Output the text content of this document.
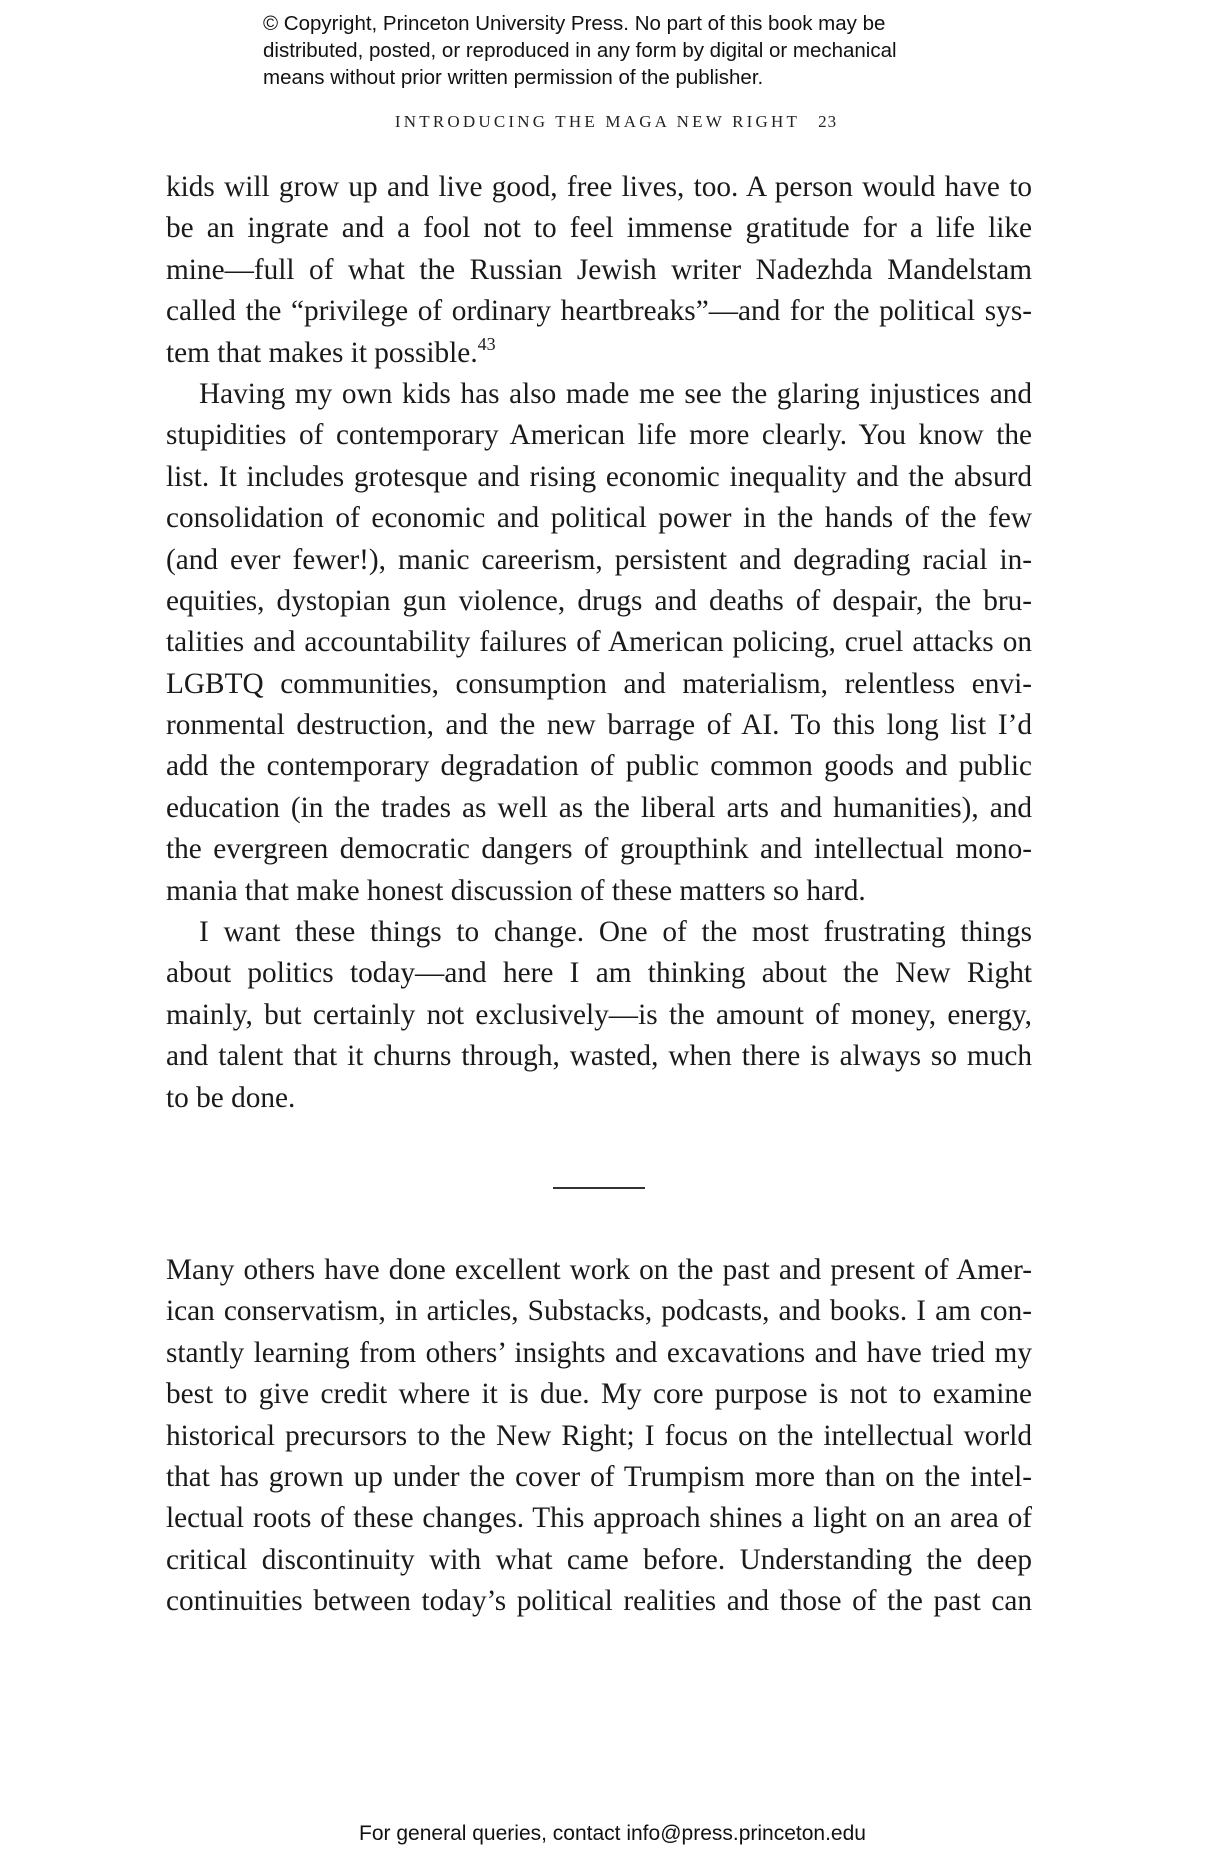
© Copyright, Princeton University Press. No part of this book may be
distributed, posted, or reproduced in any form by digital or mechanical
means without prior written permission of the publisher.
INTRODUCING THE MAGA NEW RIGHT 23
kids will grow up and live good, free lives, too. A person would have to
be an ingrate and a fool not to feel immense gratitude for a life like
mine—full of what the Russian Jewish writer Nadezhda Mandelstam
called the “privilege of ordinary heartbreaks”—and for the political sys-
tem that makes it possible.$^{43}$
Having my own kids has also made me see the glaring injustices and
stupidities of contemporary American life more clearly. You know the
list. It includes grotesque and rising economic inequality and the absurd
consolidation of economic and political power in the hands of the few
(and ever fewer!), manic careerism, persistent and degrading racial in-
equities, dystopian gun violence, drugs and deaths of despair, the bru-
talities and accountability failures of American policing, cruel attacks on
LGBTQ communities, consumption and materialism, relentless envi-
ronmental destruction, and the new barrage of AI. To this long list I’d
add the contemporary degradation of public common goods and public
education (in the trades as well as the liberal arts and humanities), and
the evergreen democratic dangers of groupthink and intellectual mono-
mania that make honest discussion of these matters so hard.
I want these things to change. One of the most frustrating things
about politics today—and here I am thinking about the New Right
mainly, but certainly not exclusively—is the amount of money, energy,
and talent that it churns through, wasted, when there is always so much
to be done.
Many others have done excellent work on the past and present of Amer-
ican conservatism, in articles, Substacks, podcasts, and books. I am con-
stantly learning from others’ insights and excavations and have tried my
best to give credit where it is due. My core purpose is not to examine
historical precursors to the New Right; I focus on the intellectual world
that has grown up under the cover of Trumpism more than on the intel-
lectual roots of these changes. This approach shines a light on an area of
critical discontinuity with what came before. Understanding the deep
continuities between today’s political realities and those of the past can
For general queries, contact info@press.princeton.edu
